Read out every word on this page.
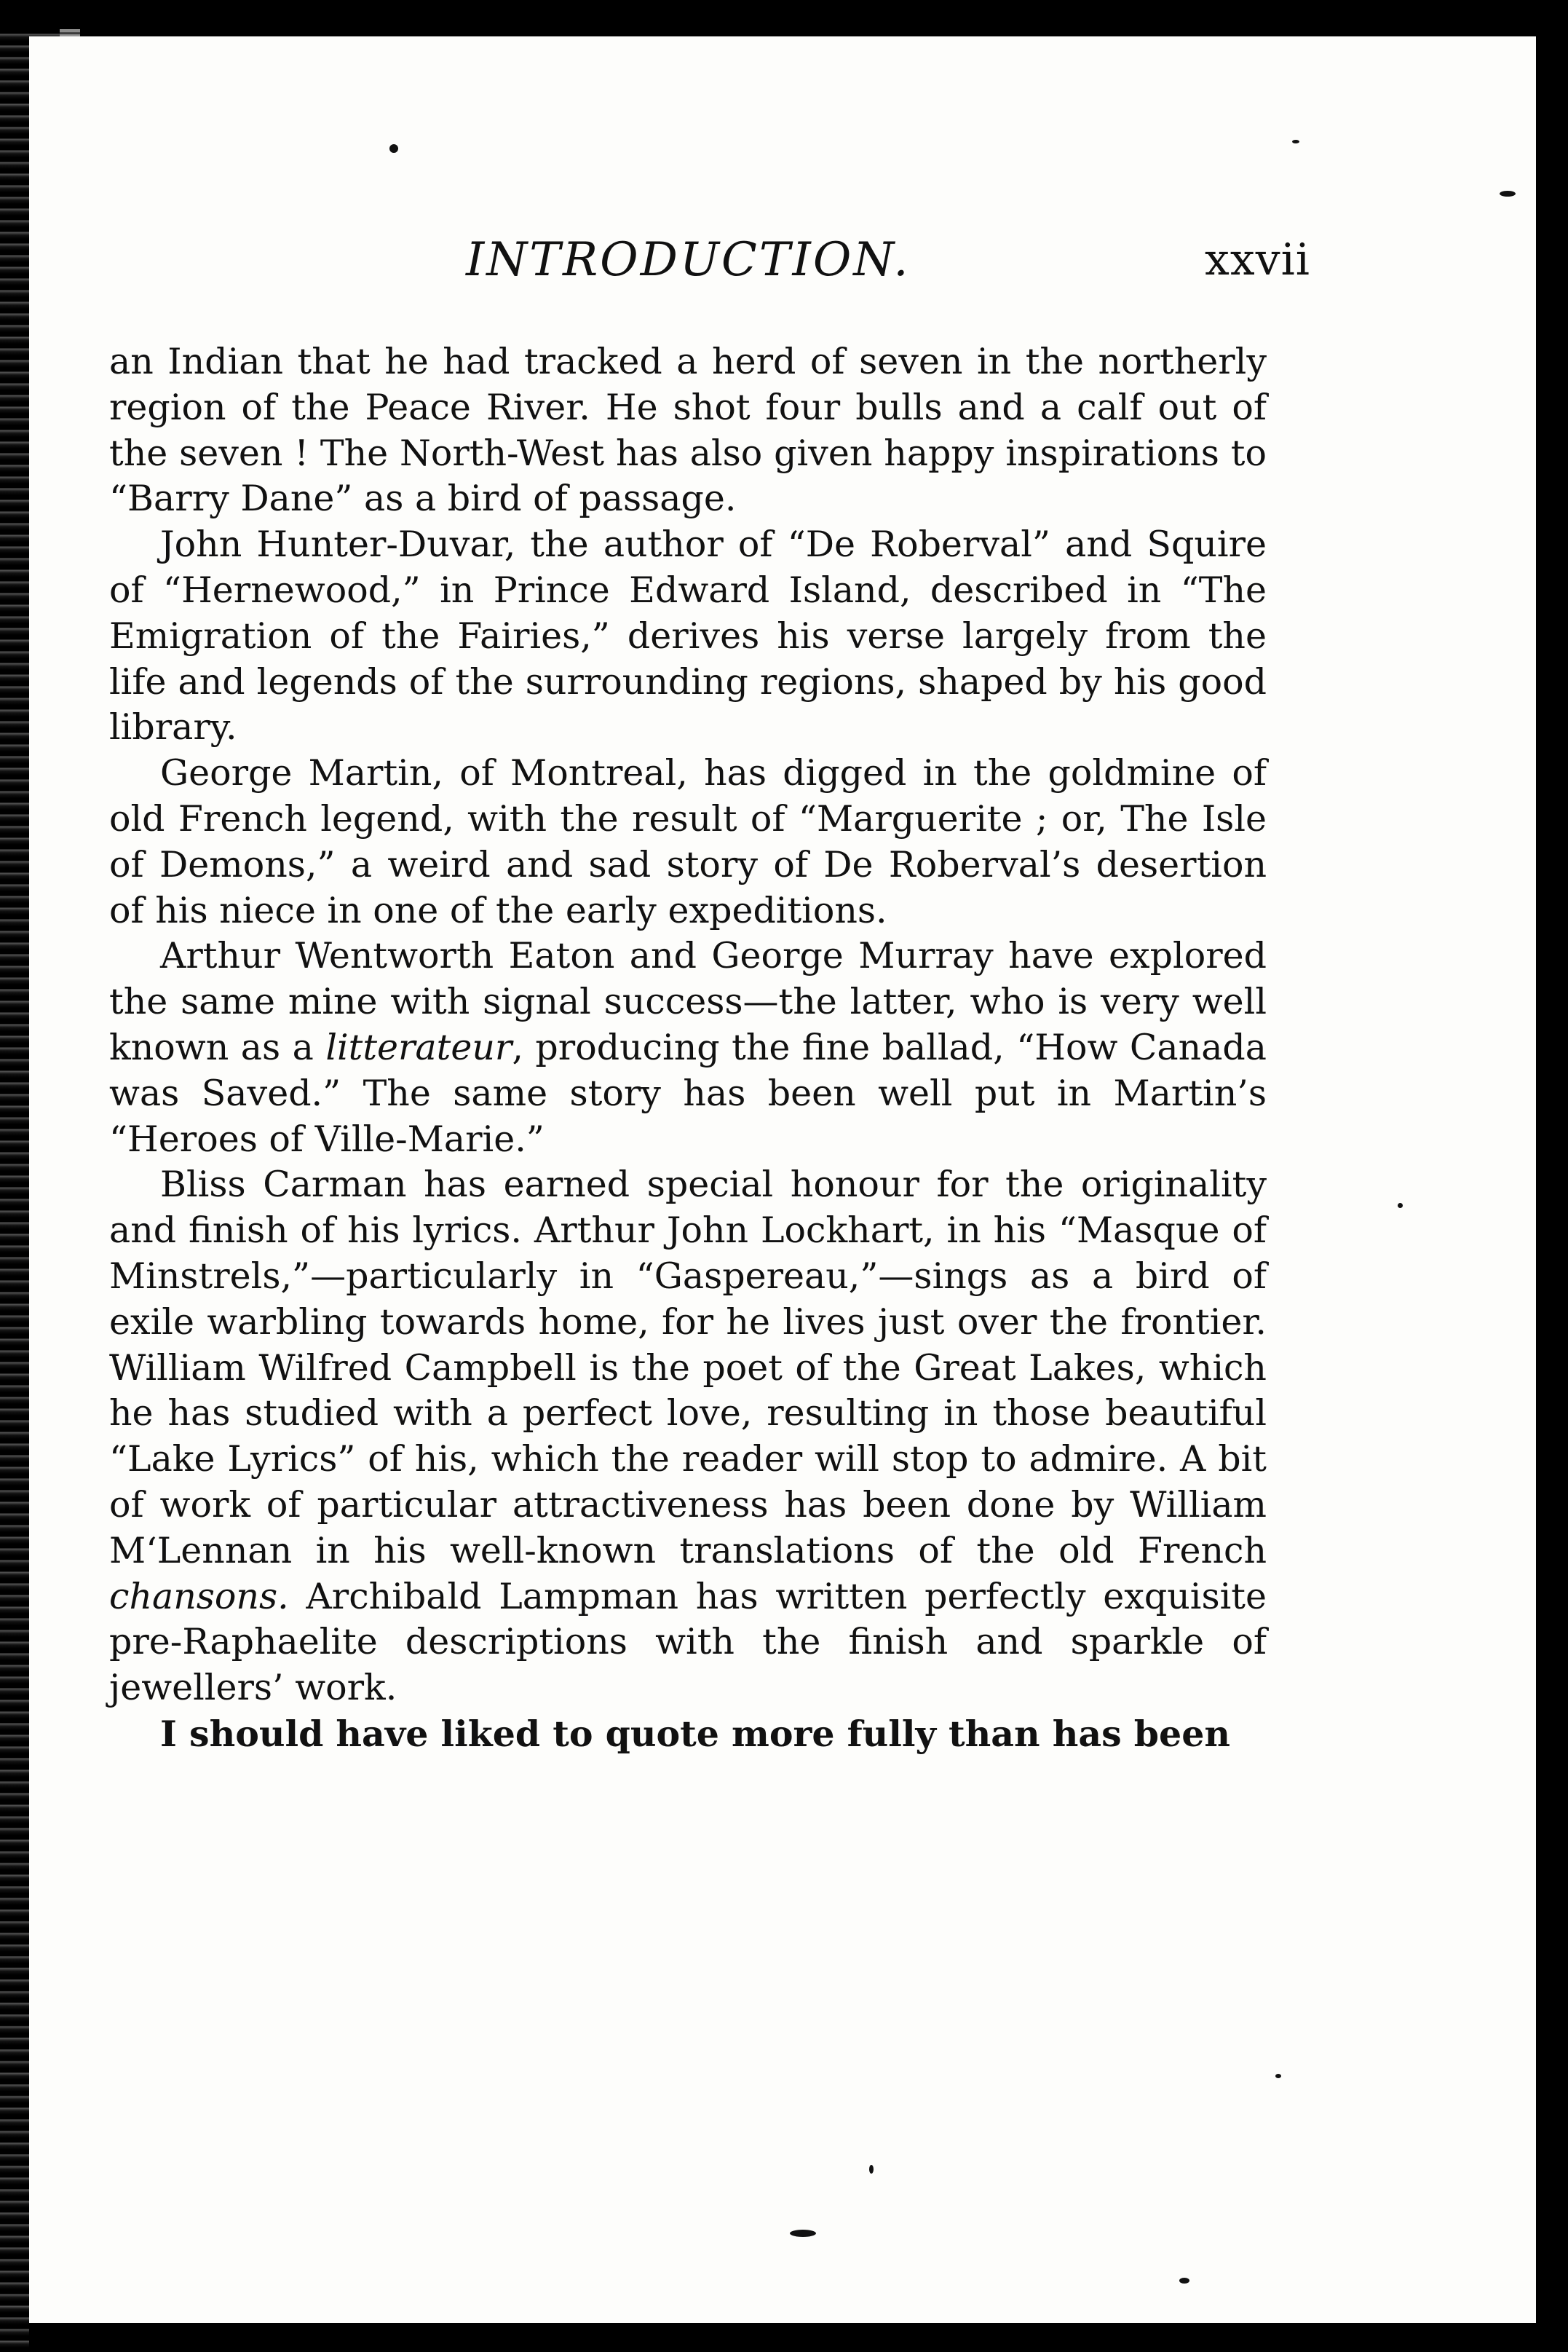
INTRODUCTION.	xxvii

an Indian that he had tracked a herd of seven in the northerly region of the Peace River. He shot four bulls and a calf out of the seven ! The North-West has also given happy inspirations to “Barry Dane” as a bird of passage.

John Hunter-Duvar, the author of “De Roberval” and Squire of “Hernewood,” in Prince Edward Island, described in “The Emigration of the Fairies,” derives his verse largely from the life and legends of the surrounding regions, shaped by his good library.

George Martin, of Montreal, has digged in the goldmine of old French legend, with the result of “Marguerite ; or, The Isle of Demons,” a weird and sad story of De Roberval’s desertion of his niece in one of the early expeditions.

Arthur Wentworth Eaton and George Murray have explored the same mine with signal success—the latter, who is very well known as a litterateur, producing the fine ballad, “How Canada was Saved.” The same story has been well put in Martin’s “Heroes of Ville-Marie.”

Bliss Carman has earned special honour for the originality and finish of his lyrics. Arthur John Lockhart, in his “Masque of Minstrels,”—particularly in “Gaspereau,”—sings as a bird of exile warbling towards home, for he lives just over the frontier. William Wilfred Campbell is the poet of the Great Lakes, which he has studied with a perfect love, resulting in those beautiful “Lake Lyrics” of his, which the reader will stop to admire. A bit of work of particular attractiveness has been done by William M‘Lennan in his well-known translations of the old French chansons. Archibald Lampman has written perfectly exquisite pre-Raphaelite descriptions with the finish and sparkle of jewellers’ work.

I should have liked to quote more fully than has been
